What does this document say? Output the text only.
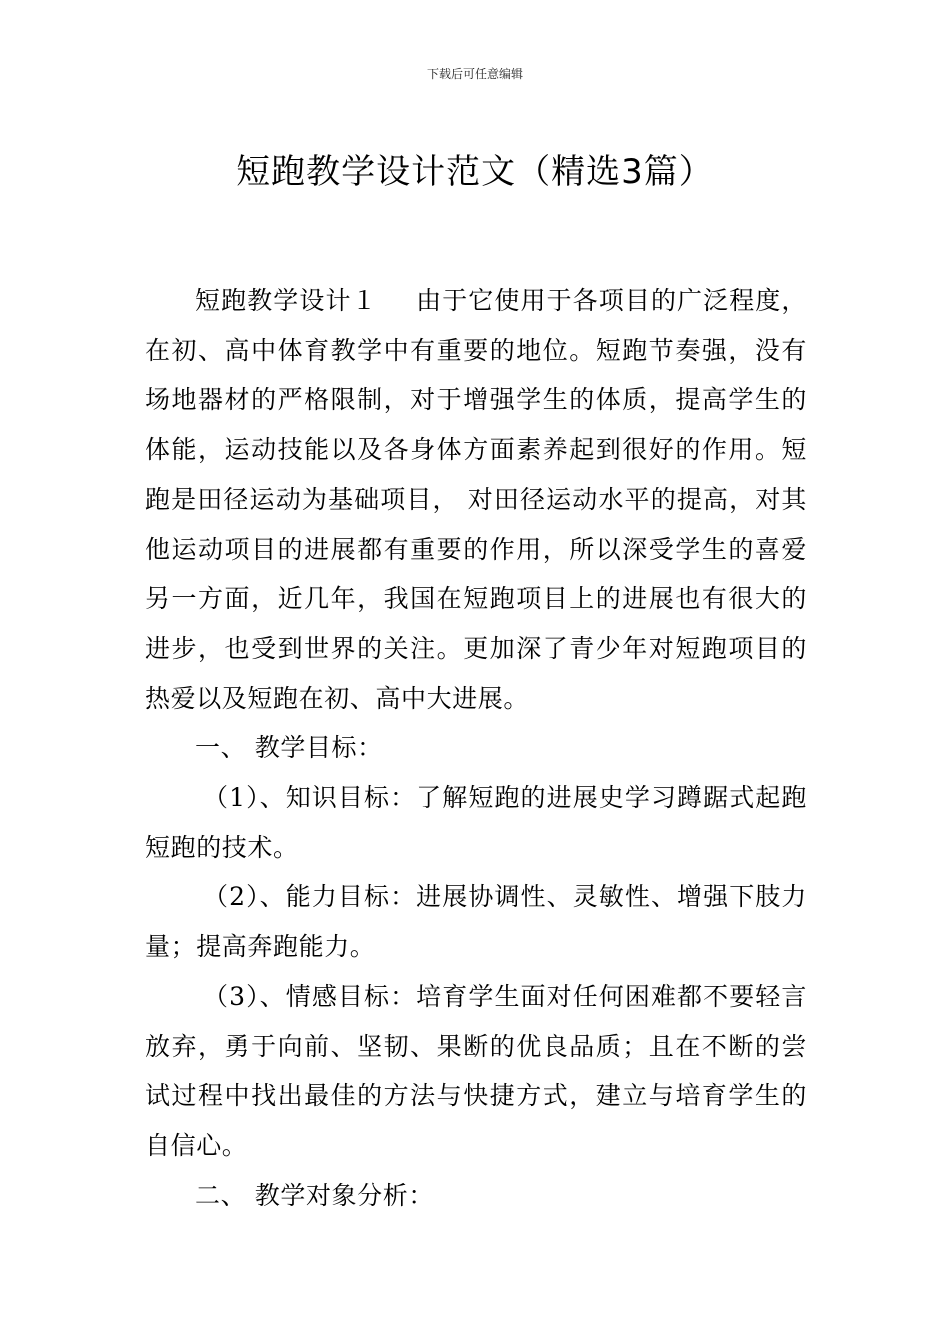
下载后可任意编辑
短跑教学设计范文（精选3篇）

短跑教学设计１ 由于它使用于各项目的广泛程度，在初、高中体育教学中有重要的地位。短跑节奏强，没有场地器材的严格限制，对于增强学生的体质，提高学生的体能，运动技能以及各身体方面素养起到很好的作用。短跑是田径运动为基础项目， 对田径运动水平的提高，对其他运动项目的进展都有重要的作用，所以深受学生的喜爱另一方面，近几年，我国在短跑项目上的进展也有很大的进步，也受到世界的关注。更加深了青少年对短跑项目的热爱以及短跑在初、高中大进展。

一、 教学目标：

（1）、知识目标：了解短跑的进展史学习蹲踞式起跑短跑的技术。

（2）、能力目标：进展协调性、灵敏性、增强下肢力量；提高奔跑能力。

（3）、情感目标：培育学生面对任何困难都不要轻言放弃，勇于向前、坚韧、果断的优良品质；且在不断的尝试过程中找出最佳的方法与快捷方式，建立与培育学生的自信心。

二、 教学对象分析：
